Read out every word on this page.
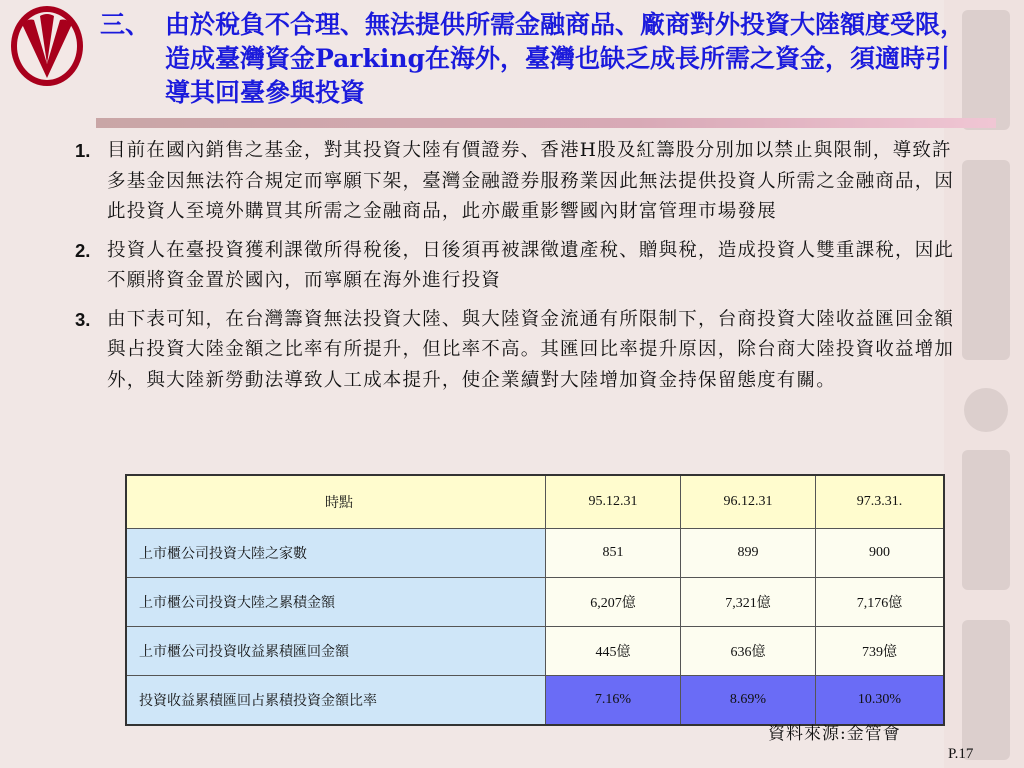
三、 由於稅負不合理、無法提供所需金融商品、廠商對外投資大陸額度受限，造成臺灣資金Parking在海外，臺灣也缺乏成長所需之資金，須適時引導其回臺參與投資
1. 目前在國內銷售之基金，對其投資大陸有價證券、香港H股及紅籌股分別加以禁止與限制，導致許多基金因無法符合規定而寧願下架，臺灣金融證券服務業因此無法提供投資人所需之金融商品，因此投資人至境外購買其所需之金融商品，此亦嚴重影響國內財富管理市場發展
2. 投資人在臺投資獲利課徵所得稅後，日後須再被課徵遺產稅、贈與稅，造成投資人雙重課稅，因此不願將資金置於國內，而寧願在海外進行投資
3. 由下表可知，在台灣籌資無法投資大陸、與大陸資金流通有所限制下，台商投資大陸收益匯回金額與占投資大陸金額之比率有所提升，但比率不高。其匯回比率提升原因，除台商大陸投資收益增加外，與大陸新勞動法導致人工成本提升，使企業續對大陸增加資金持保留態度有關。
時點	95.12.31	96.12.31	97.3.31.
上市櫃公司投資大陸之家數	851	899	900
上市櫃公司投資大陸之累積金額	6,207億	7,321億	7,176億
上市櫃公司投資收益累積匯回金額	445億	636億	739億
投資收益累積匯回占累積投資金額比率	7.16%	8.69%	10.30%
資料來源:金管會
P.17
